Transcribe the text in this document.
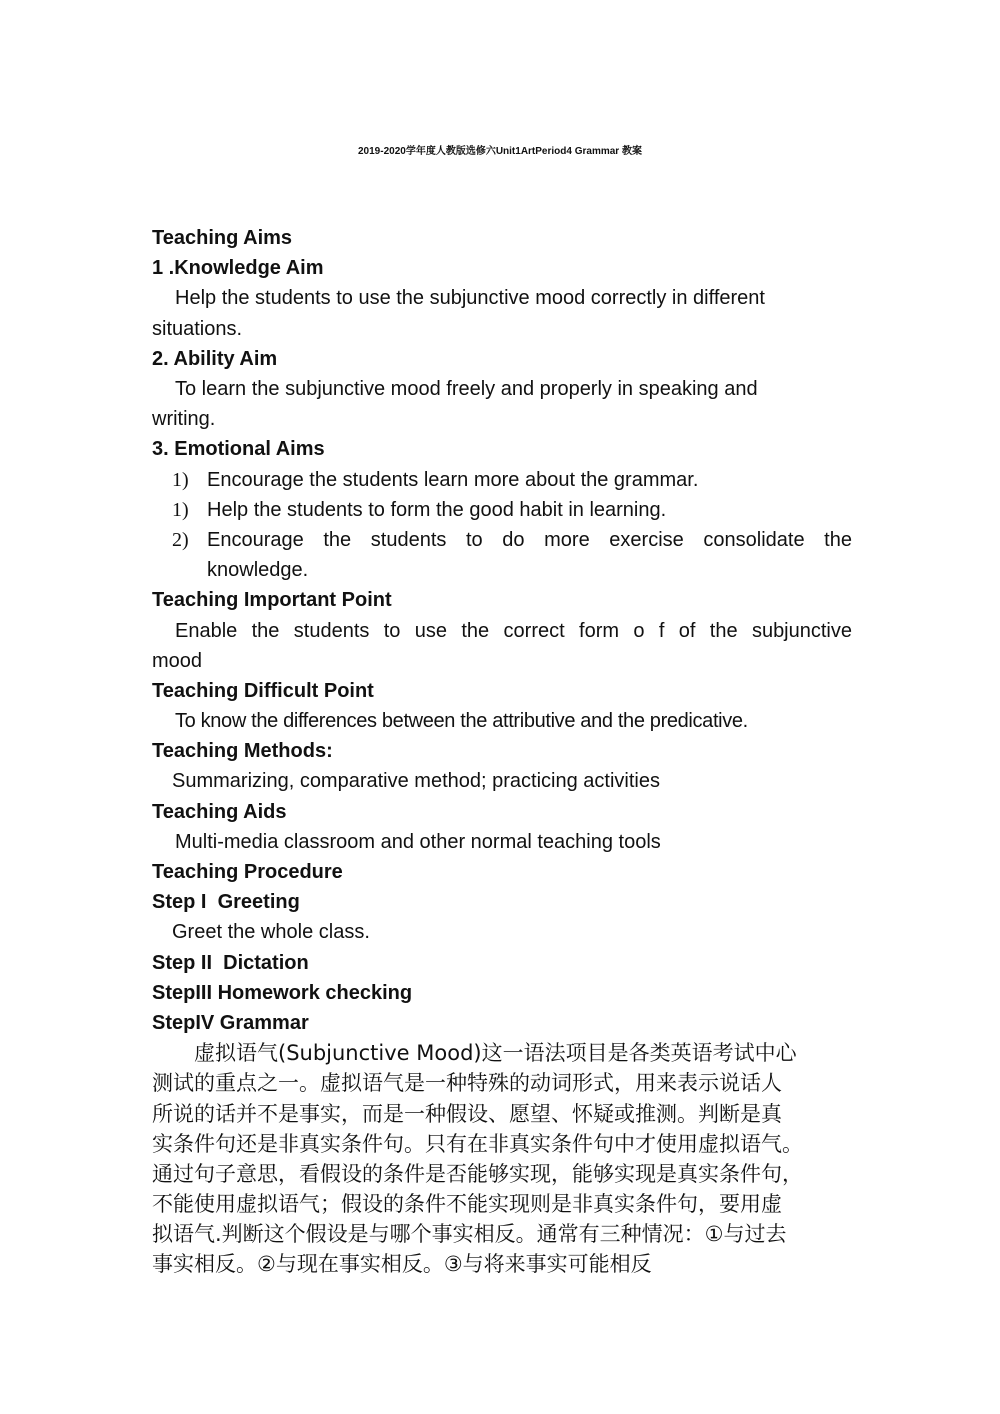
2019-2020学年度人教版选修六Unit1ArtPeriod4 Grammar 教案
Teaching Aims
1 .Knowledge Aim
Help the students to use the subjunctive mood correctly in different
situations.
2. Ability Aim
To learn the subjunctive mood freely and properly in speaking and
writing.
3. Emotional Aims
1) Encourage the students learn more about the grammar.
1) Help the students to form the good habit in learning.
2) Encourage the students to do more exercise consolidate the
knowledge.
Teaching Important Point
Enable the students to use the correct form o f of the subjunctive
mood
Teaching Difficult Point
To know the differences between the attributive and the predicative.
Teaching Methods:
Summarizing, comparative method; practicing activities
Teaching Aids
Multi-media classroom and other normal teaching tools
Teaching Procedure
Step I  Greeting
Greet the whole class.
Step II  Dictation
StepIII Homework checking
StepIV Grammar
虚拟语气(Subjunctive Mood)这一语法项目是各类英语考试中心
测试的重点之一。虚拟语气是一种特殊的动词形式，用来表示说话人
所说的话并不是事实，而是一种假设、愿望、怀疑或推测。判断是真
实条件句还是非真实条件句。只有在非真实条件句中才使用虚拟语气。
通过句子意思，看假设的条件是否能够实现，能够实现是真实条件句，
不能使用虚拟语气；假设的条件不能实现则是非真实条件句，要用虚
拟语气.判断这个假设是与哪个事实相反。通常有三种情况：①与过去
事实相反。②与现在事实相反。③与将来事实可能相反
